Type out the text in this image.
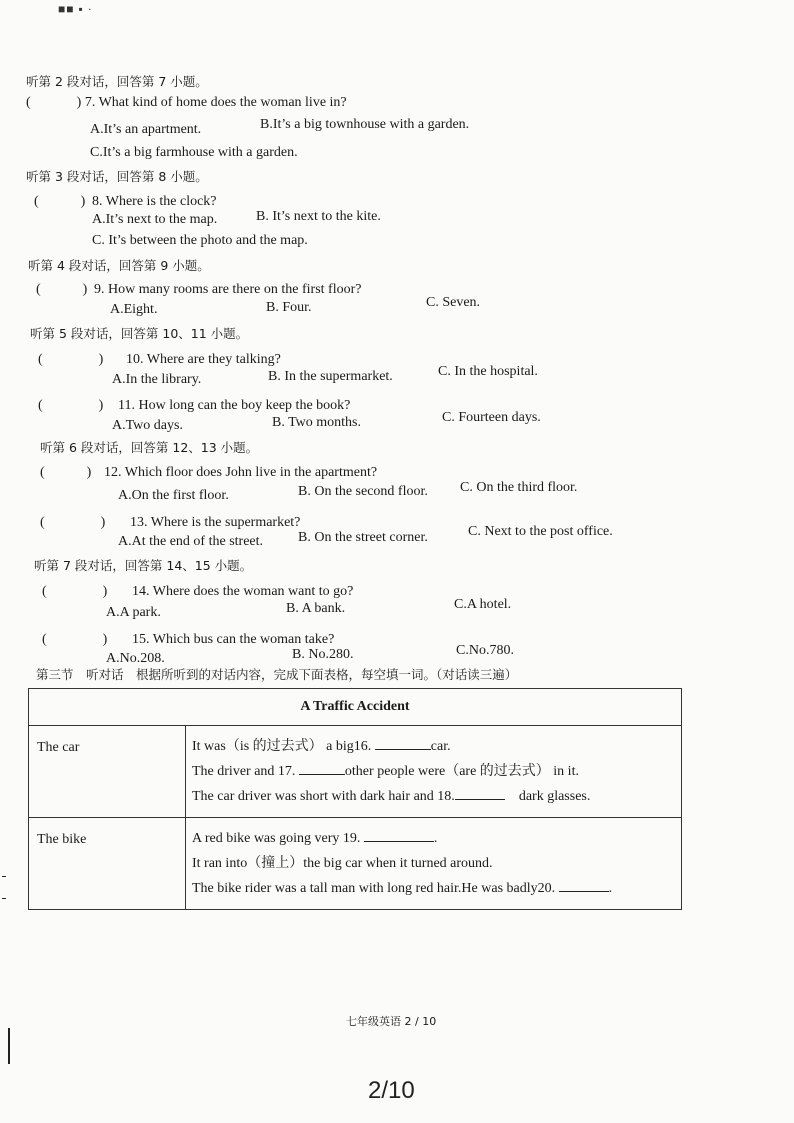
■■ ▪ ·
听第 2 段对话，回答第 7 小题。
(	) 7. What kind of home does the woman live in?
A.It’s an apartment.	B.It’s a big townhouse with a garden.
C.It’s a big farmhouse with a garden.
听第 3 段对话，回答第 8 小题。
(　　　) 8. Where is the clock?
A.It’s next to the map.	B. It’s next to the kite.
C. It’s between the photo and the map.
听第 4 段对话，回答第 9 小题。
(　　　) 9. How many rooms are there on the first floor?
A.Eight.	B. Four.	C. Seven.
听第 5 段对话，回答第 10、11 小题。
(　　　　) 10. Where are they talking?
A.In the library.	B. In the supermarket.	C. In the hospital.
(　　　　) 11. How long can the boy keep the book?
A.Two days.	B. Two months.	C. Fourteen days.
听第 6 段对话，回答第 12、13 小题。
(　　　) 12. Which floor does John live in the apartment?
A.On the first floor.	B. On the second floor. C. On the third floor.
(　　　　) 13. Where is the supermarket?
A.At the end of the street. B. On the street corner.	C. Next to the post office.
听第 7 段对话，回答第 14、15 小题。
(　　　　) 14. Where does the woman want to go?
A.A park.	B. A bank.	C.A hotel.
(　　　　) 15. Which bus can the woman take?
A.No.208.	B. No.280.	C.No.780.
第三节　听对话　根据所听到的对话内容，完成下面表格，每空填一词。（对话读三遍）
A Traffic Accident	
The car	It was（is 的过去式） a big16. car.
The driver and 17. other people were（are 的过去式） in it.
The car driver was short with dark hair and 18.　 dark glasses.

The bike	A red bike was going very 19. .
It ran into（撞上）the big car when it turned around.
The bike rider was a tall man with long red hair.He was badly20. .
七年级英语 2 / 10
2/10
